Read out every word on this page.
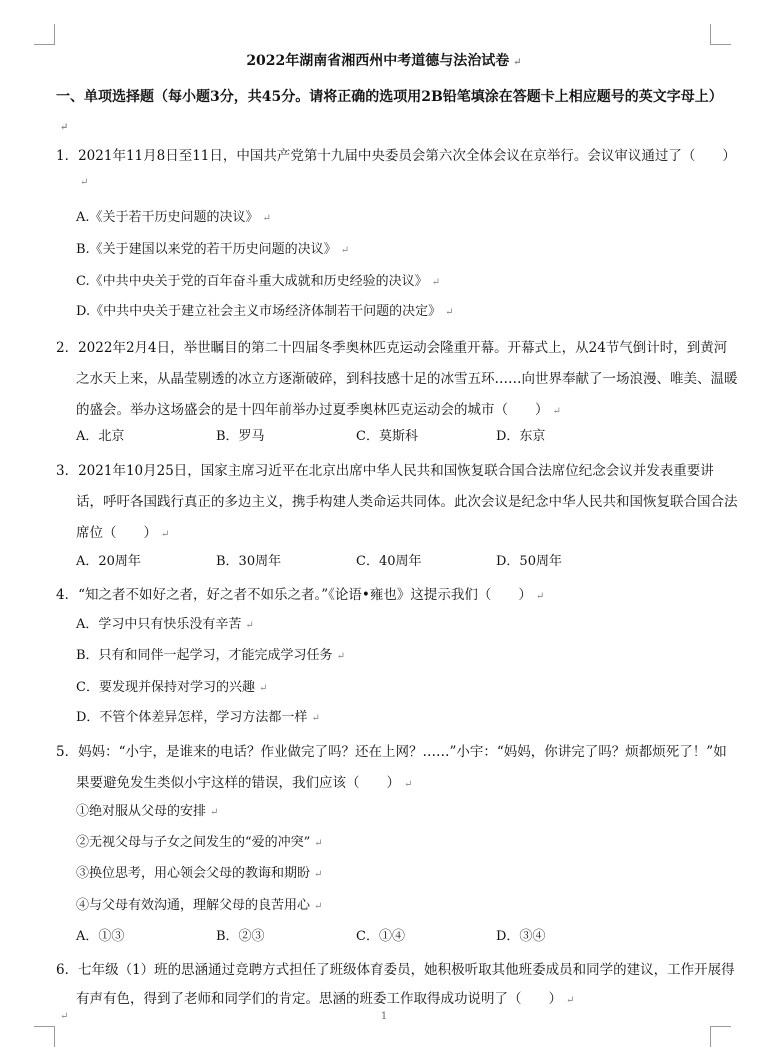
2022年湖南省湘西州中考道德与法治试卷 ↵
一、单项选择题（每小题3分，共45分。请将正确的选项用2B铅笔填涂在答题卡上相应题号的英文字母上）↵
1．2021年11月8日至11日，中国共产党第十九届中央委员会第六次全体会议在京举行。会议审议通过了（　　）↵
A.《关于若干历史问题的决议》 ↵
B.《关于建国以来党的若干历史问题的决议》 ↵
C.《中共中央关于党的百年奋斗重大成就和历史经验的决议》 ↵
D.《中共中央关于建立社会主义市场经济体制若干问题的决定》 ↵
2．2022年2月4日，举世瞩目的第二十四届冬季奥林匹克运动会隆重开幕。开幕式上，从24节气倒计时，到黄河之水天上来，从晶莹剔透的冰立方逐渐破碎，到科技感十足的冰雪五环……向世界奉献了一场浪漫、唯美、温暖的盛会。举办这场盛会的是十四年前举办过夏季奥林匹克运动会的城市（　　） ↵
A．北京	B．罗马	C．莫斯科	D．东京
3．2021年10月25日，国家主席习近平在北京出席中华人民共和国恢复联合国合法席位纪念会议并发表重要讲话，呼吁各国践行真正的多边主义，携手构建人类命运共同体。此次会议是纪念中华人民共和国恢复联合国合法席位（　　） ↵
A．20周年	B．30周年	C．40周年	D．50周年
4．“知之者不如好之者，好之者不如乐之者。”《论语•雍也》这提示我们（　　） ↵
A．学习中只有快乐没有辛苦 ↵
B．只有和同伴一起学习，才能完成学习任务 ↵
C．要发现并保持对学习的兴趣 ↵
D．不管个体差异怎样，学习方法都一样 ↵
5．妈妈：“小宇，是谁来的电话？作业做完了吗？还在上网？……”小宇：“妈妈，你讲完了吗？烦都烦死了！”如果要避免发生类似小宇这样的错误，我们应该（　　） ↵
①绝对服从父母的安排 ↵
②无视父母与子女之间发生的“爱的冲突” ↵
③换位思考，用心领会父母的教诲和期盼 ↵
④与父母有效沟通，理解父母的良苦用心 ↵
A．①③	B．②③	C．①④	D．③④
6．七年级（1）班的思涵通过竞聘方式担任了班级体育委员，她积极听取其他班委成员和同学的建议，工作开展得有声有色，得到了老师和同学们的肯定。思涵的班委工作取得成功说明了（　　） ↵
↵	1
